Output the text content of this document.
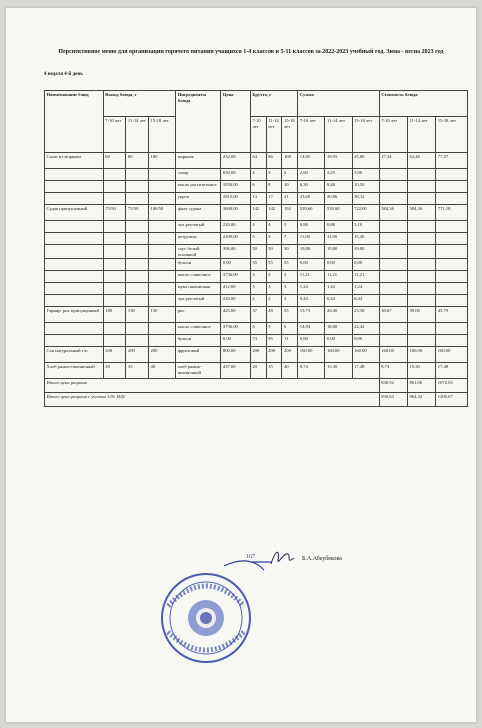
Перспективное меню для организации горячего питания учащихся 1-4 классов и 5-11 классов за 2022-2023 учебный год. Зима - весна 2023 год
4 неделя 4-й день
Наименование блюд	Выход блюда, г			Ингредиенты блюда	Цена	Брутто, г			Сумма			Стоимость блюда		
	7-10 лет	11-14 лет	15-18 лет			7-10 лет	11-14 лет	15-18 лет	7-10 лет	11-14 лет	15-18 лет	7-10 лет	11-14 лет	15-18 лет
Салат из моркови	60	80	100	морковь	232,00	64	86	108	14,85	19,95	25,06	47,34	62,46	77,57
				сахар	650,00	4	5	6	2,60	3,25	3,90			
				масло растительное	1050,00	6	8	10	6,30	8,40	10,50			
				укроп	1815,00	13	17	21	23,60	30,86	38,12			
Судак припущенный	75/50	75/50	100/50	филе судака	3600,00	142	142	192	539,60	539,60	722,00	584,36	584,36	771,18
				лук репчатый	220,00	4	4	5	0,88	0,88	1,10			
				петрушка	2200,00	5	5	7	11,00	11,00	15,40			
				соус белый основной	396,00	50	50	50	19,80	19,80	19,80			
				бульон	0,00	55	55	55	0,00	0,00	0,00			
				масло сливочное	3736,00	3	3	3	11,21	11,21	11,21			
				мука пшеничная	412,00	3	3	3	1,24	1,24	1,24			
				лук репчатый	220,00	2	2	2	0,44	0,44	0,44			
Гарнир: рис припущенный	100	130	150	рис	425,00	37	48	55	15,73	20,40	23,38	30,67	39,08	45,79
				масло сливочное	3736,00	4	5	6	14,94	18,68	22,42			
				бульон	0,00	73	95	11	0,00	0,00	0,00			
Сок натуральный т/п	200	200	200	фруктовый	800,00	200	200	200	160,00	160,00	160,00	160,00	160,00	160,00
Хлеб ржано-пшеничный	20	35	40	хлеб ржано-пшеничный	437,00	20	35	40	8,74	15,30	17,48	8,74	15,30	17,48
Итого цена рациона												830,92	861,00	1072,03
Итого цена рациона с учетом 12% НДС												930,63	964,32	1200,67
167	Б.А.Абеубекова
